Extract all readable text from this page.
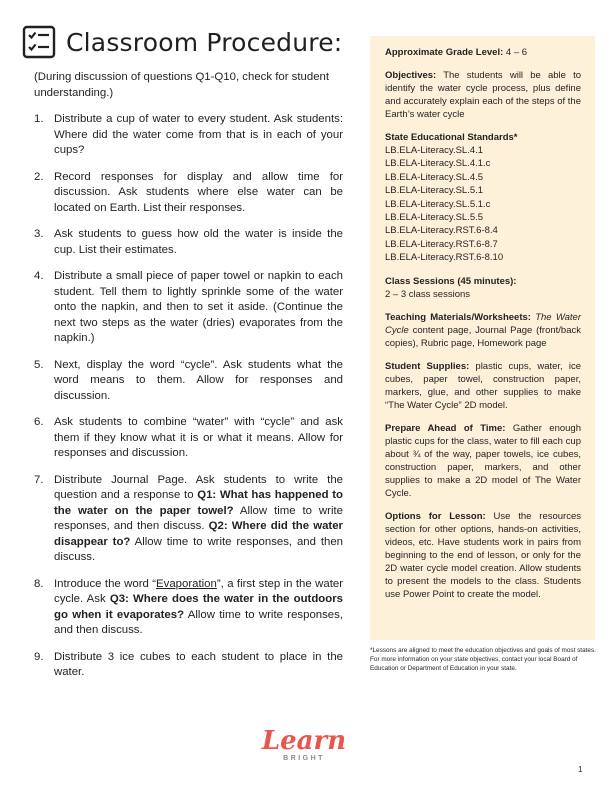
Classroom Procedure:

(During discussion of questions Q1-Q10, check for student understanding.)

1. Distribute a cup of water to every student. Ask students: Where did the water come from that is in each of your cups?
2. Record responses for display and allow time for discussion. Ask students where else water can be located on Earth. List their responses.
3. Ask students to guess how old the water is inside the cup. List their estimates.
4. Distribute a small piece of paper towel or napkin to each student. Tell them to lightly sprinkle some of the water onto the napkin, and then to set it aside. (Continue the next two steps as the water (dries) evaporates from the napkin.)
5. Next, display the word “cycle”. Ask students what the word means to them. Allow for responses and discussion.
6. Ask students to combine “water” with “cycle” and ask them if they know what it is or what it means. Allow for responses and discussion.
7. Distribute Journal Page. Ask students to write the question and a response to Q1: What has happened to the water on the paper towel? Allow time to write responses, and then discuss. Q2: Where did the water disappear to? Allow time to write responses, and then discuss.
8. Introduce the word “Evaporation”, a first step in the water cycle. Ask Q3: Where does the water in the outdoors go when it evaporates? Allow time to write responses, and then discuss.
9. Distribute 3 ice cubes to each student to place in the water.

Approximate Grade Level: 4 – 6

Objectives: The students will be able to identify the water cycle process, plus define and accurately explain each of the steps of the Earth’s water cycle

State Educational Standards*

LB.ELA-Literacy.SL.4.1
LB.ELA-Literacy.SL.4.1.c
LB.ELA-Literacy.SL.4.5
LB.ELA-Literacy.SL.5.1
LB.ELA-Literacy.SL.5.1.c
LB.ELA-Literacy.SL.5.5
LB.ELA-Literacy.RST.6-8.4
LB.ELA-Literacy.RST.6-8.7
LB.ELA-Literacy.RST.6-8.10

Class Sessions (45 minutes):

2 – 3 class sessions

Teaching Materials/Worksheets: The Water Cycle content page, Journal Page (front/back copies), Rubric page, Homework page

Student Supplies: plastic cups, water, ice cubes, paper towel, construction paper, markers, glue, and other supplies to make “The Water Cycle” 2D model.

Prepare Ahead of Time: Gather enough plastic cups for the class, water to fill each cup about ¾ of the way, paper towels, ice cubes, construction paper, markers, and other supplies to make a 2D model of The Water Cycle.

Options for Lesson: Use the resources section for other options, hands-on activities, videos, etc. Have students work in pairs from beginning to the end of lesson, or only for the 2D water cycle model creation. Allow students to present the models to the class. Students use Power Point to create the model.

*Lessons are aligned to meet the education objectives and goals of most states. For more information on your state objectives, contact your local Board of Education or Department of Education in your state.
Learn
BRIGHT
1
